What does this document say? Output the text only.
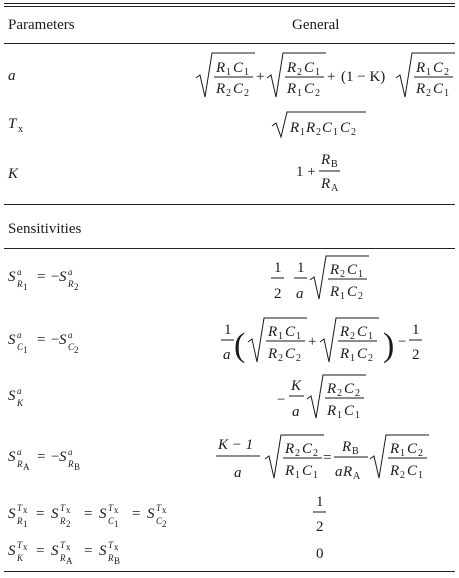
Parameters	General
Sensitivities
a
T x
K
R 1 C 1
R 2 C 2
+
R 2 C 1
R 1 C 2
+ (1 − K)
R 1 C 2
R 2 C 1
R 1 R 2 C 1 C 2
1 +
R B
R A
S a
R 1
= − S a
R 2
S a
C 1
= − S a
C 2
S a
K
S a
R A
= − S a
R B
S T x
R 1
= S T x
R 2
= S T x
C 1
= S T x
C 2
S T x
K = S T x
R A
= S T x
R B
1
2
1
a
R 2 C 1
R 1 C 2
1
a ( R 1 C 1
R 2 C 2
+
R 2 C 1
R 1 C 2 ) −
1
2
−
K
a
R 2 C 2
R 1 C 1
K − 1
a
R 2 C 2
R 1 C 1
=
R B
a R A
R 1 C 2
R 2 C 1
1
2
0
